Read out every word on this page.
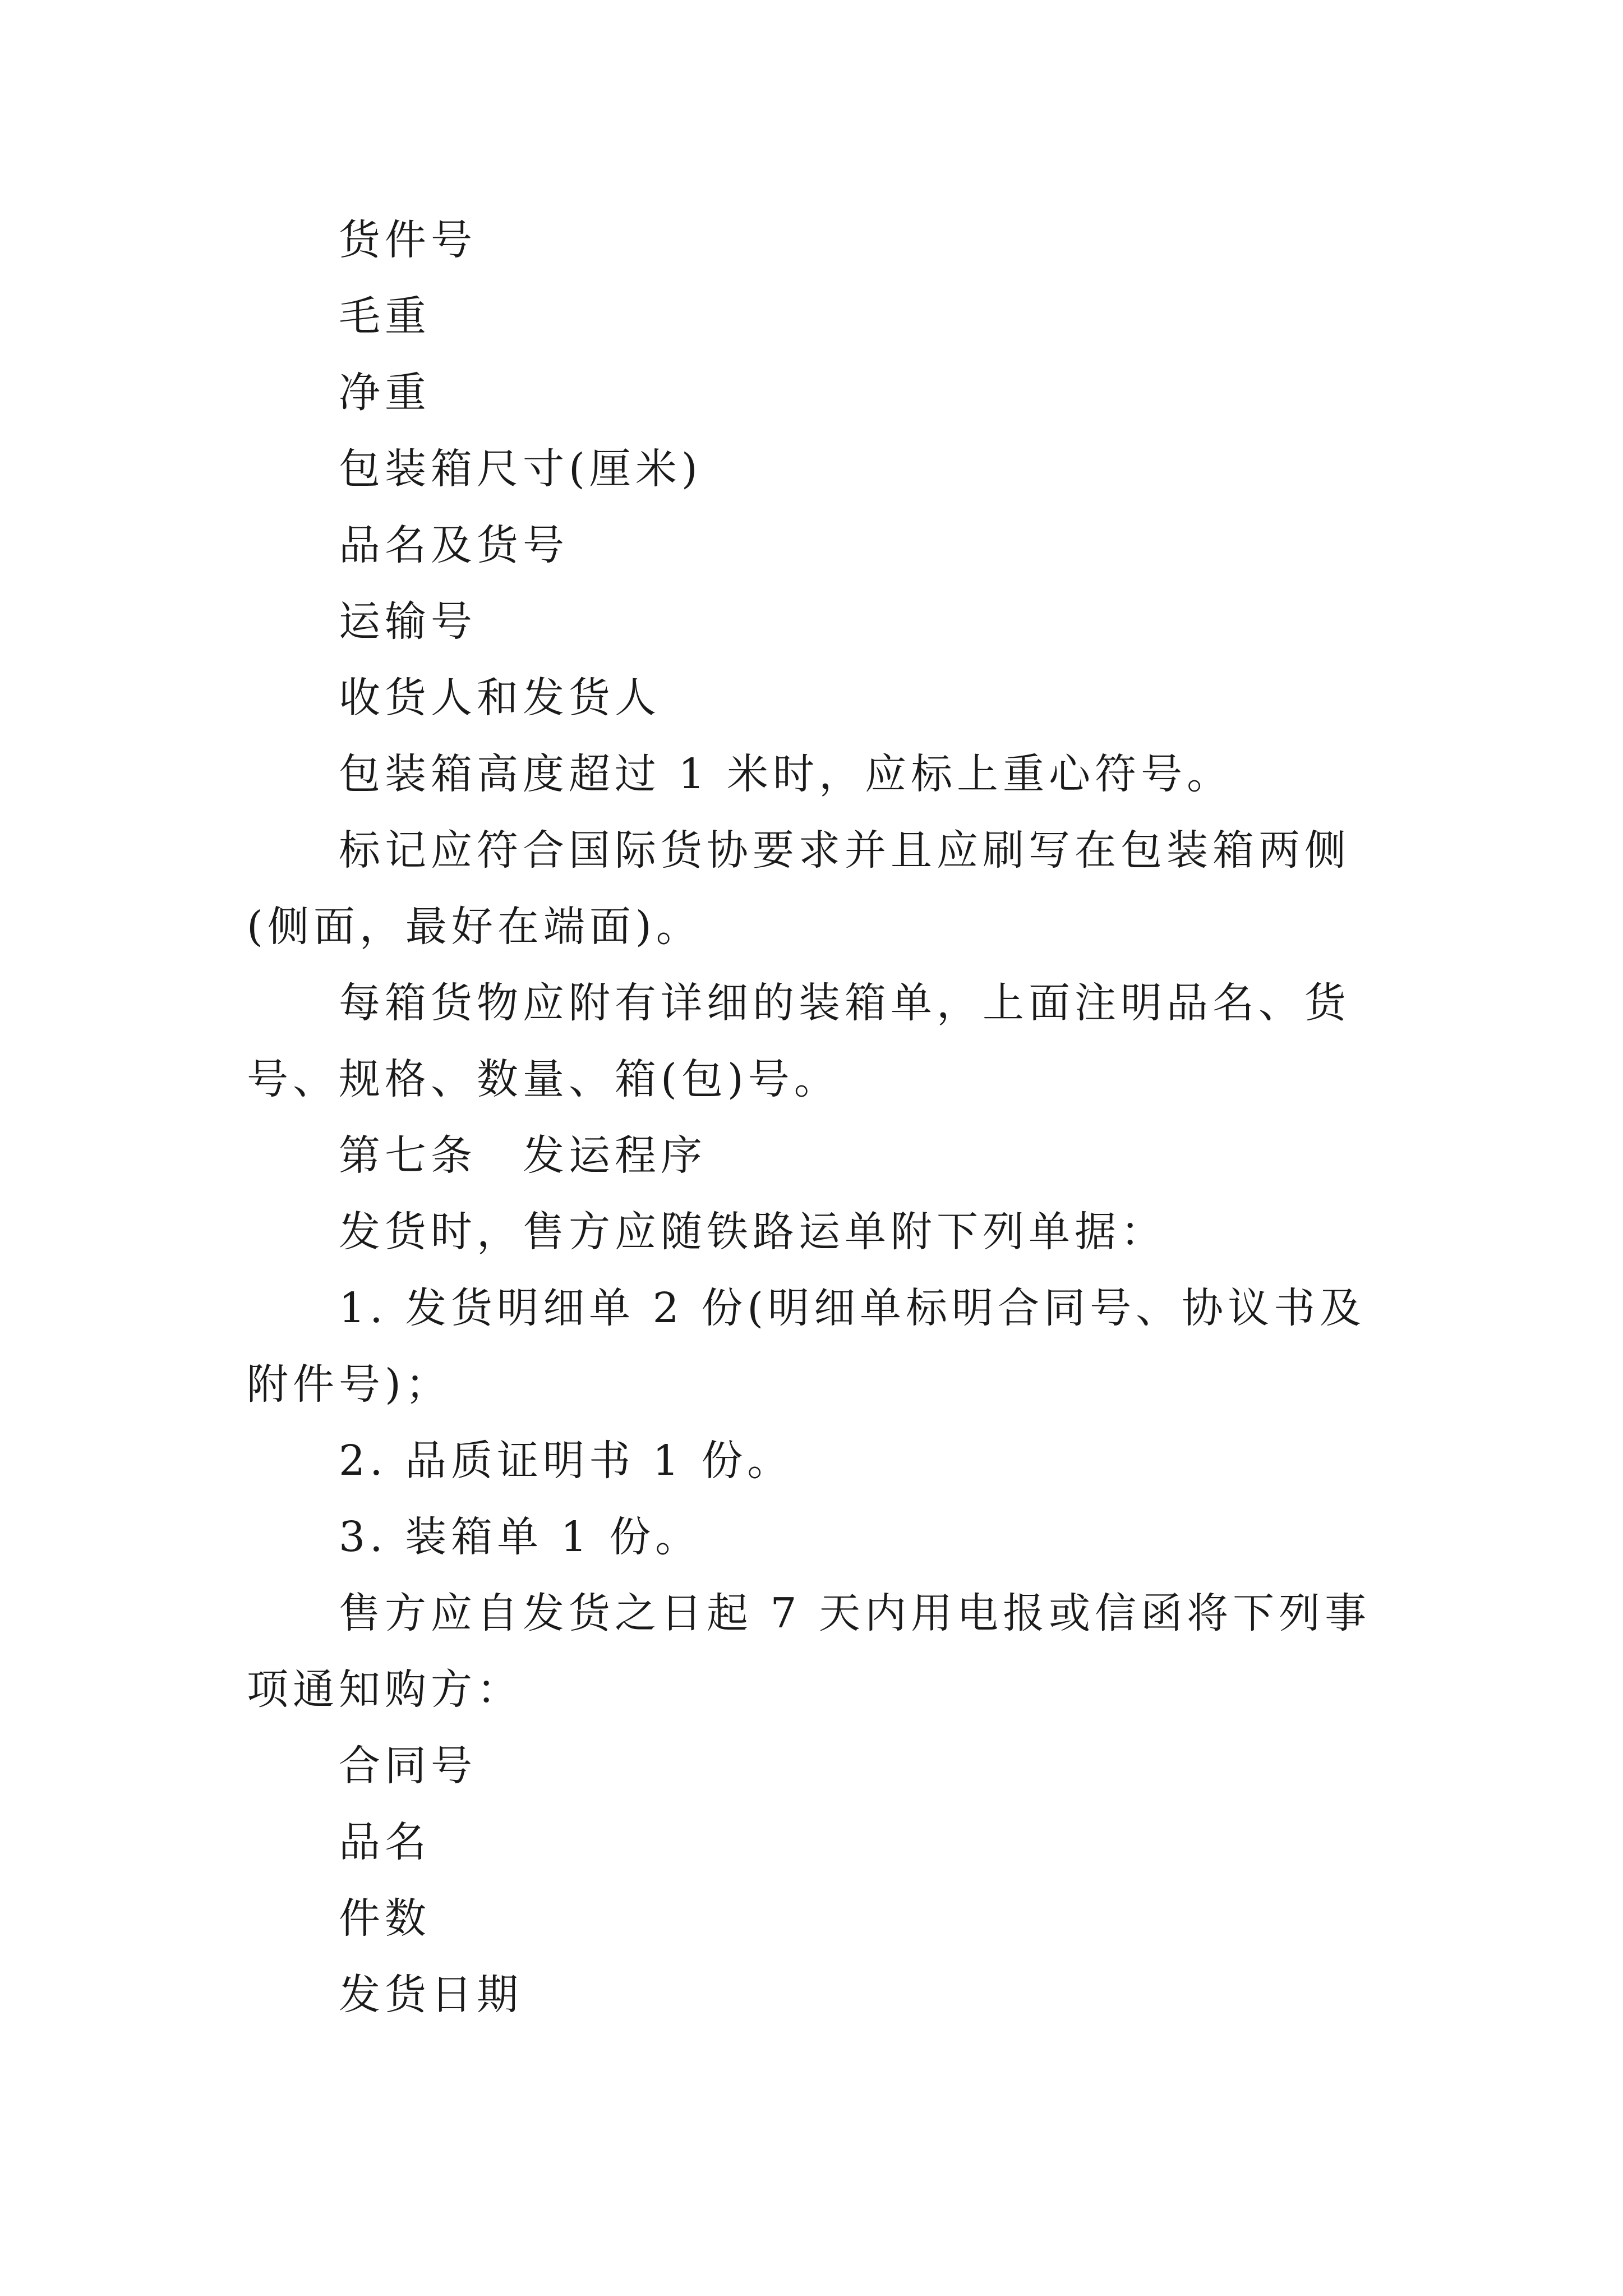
货件号

毛重

净重

包装箱尺寸(厘米)

品名及货号

运输号

收货人和发货人

包装箱高度超过 1 米时，应标上重心符号。

标记应符合国际货协要求并且应刷写在包装箱两侧(侧面，最好在端面)。

每箱货物应附有详细的装箱单，上面注明品名、货号、规格、数量、箱(包)号。

第七条　发运程序

发货时，售方应随铁路运单附下列单据：

1. 发货明细单 2 份(明细单标明合同号、协议书及附件号)；

2. 品质证明书 1 份。

3. 装箱单 1 份。

售方应自发货之日起 7 天内用电报或信函将下列事项通知购方：

合同号

品名

件数

发货日期
